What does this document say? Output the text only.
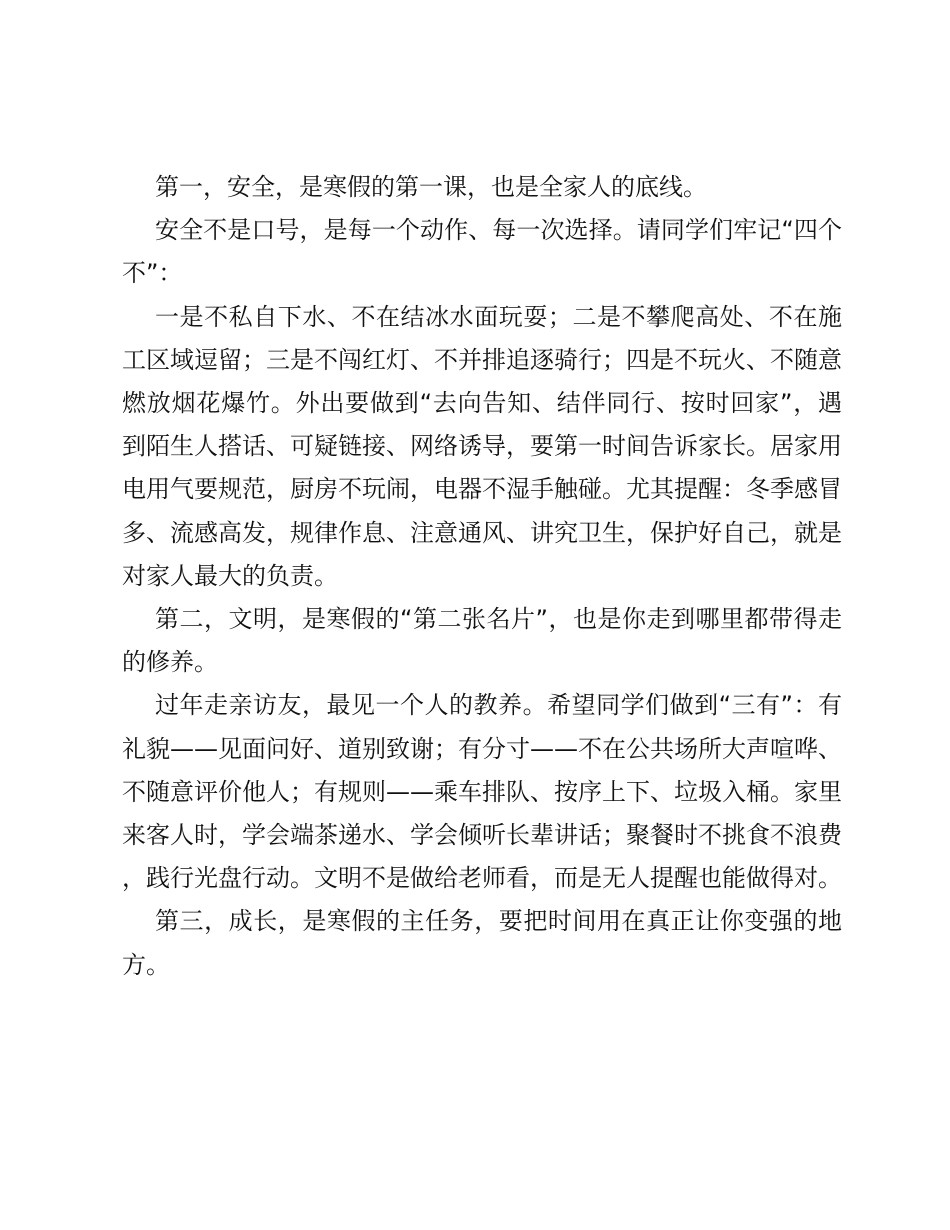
第一，安全，是寒假的第一课，也是全家人的底线。

安全不是口号，是每一个动作、每一次选择。请同学们牢记“四个不”：

一是不私自下水、不在结冰水面玩耍；二是不攀爬高处、不在施工区域逗留；三是不闯红灯、不并排追逐骑行；四是不玩火、不随意燃放烟花爆竹。外出要做到“去向告知、结伴同行、按时回家”，遇到陌生人搭话、可疑链接、网络诱导，要第一时间告诉家长。居家用电用气要规范，厨房不玩闹，电器不湿手触碰。尤其提醒：冬季感冒多、流感高发，规律作息、注意通风、讲究卫生，保护好自己，就是对家人最大的负责。

第二，文明，是寒假的“第二张名片”，也是你走到哪里都带得走的修养。

过年走亲访友，最见一个人的教养。希望同学们做到“三有”：有礼貌——见面问好、道别致谢；有分寸——不在公共场所大声喧哗、不随意评价他人；有规则——乘车排队、按序上下、垃圾入桶。家里来客人时，学会端茶递水、学会倾听长辈讲话；聚餐时不挑食不浪费，践行光盘行动。文明不是做给老师看，而是无人提醒也能做得对。

第三，成长，是寒假的主任务，要把时间用在真正让你变强的地方。
